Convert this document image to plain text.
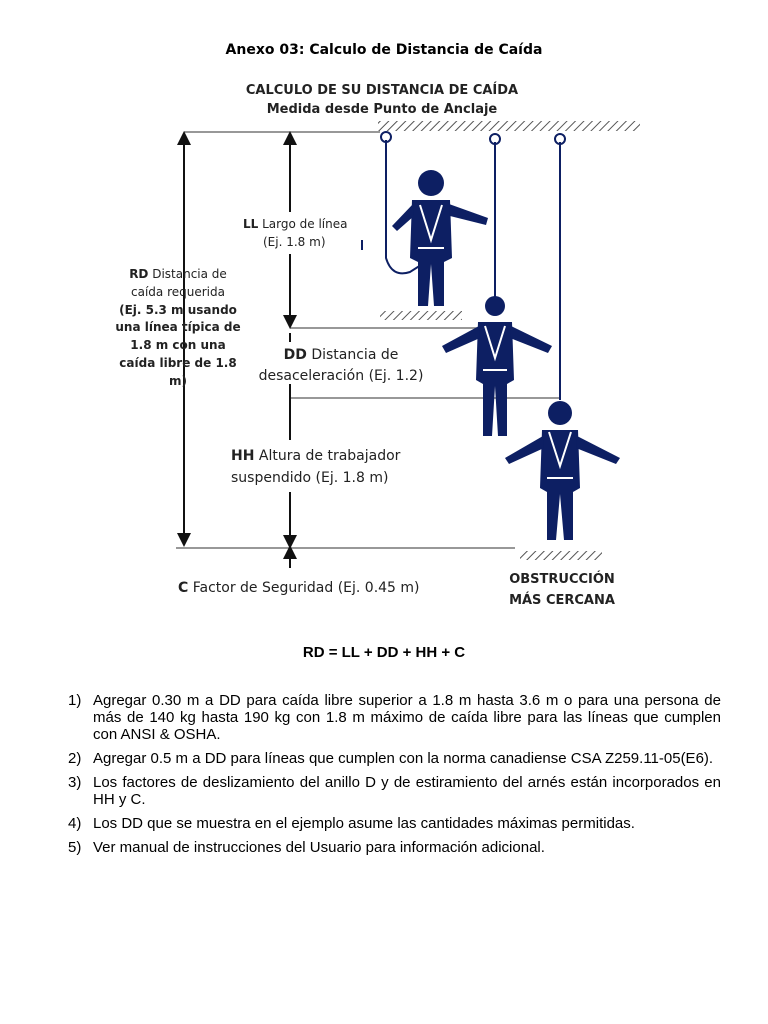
Anexo 03: Calculo de Distancia de Caída
CALCULO DE SU DISTANCIA DE CAÍDA
Medida desde Punto de Anclaje
LL Largo de línea
(Ej. 1.8 m)
RD Distancia de
caída requerida
(Ej. 5.3 m usando
una línea típica de
1.8 m con una
caída libre de 1.8
m)
DD Distancia de
desaceleración (Ej. 1.2)
HH Altura de trabajador
suspendido (Ej. 1.8 m)
C Factor de Seguridad (Ej. 0.45 m)
OBSTRUCCIÓN
MÁS CERCANA
RD = LL + DD + HH + C
1) Agregar 0.30 m a DD para caída libre superior a 1.8 m hasta 3.6 m o para una persona de más de 140 kg hasta 190 kg con 1.8 m máximo de caída libre para las líneas que cumplen con ANSI & OSHA.
2) Agregar 0.5 m a DD para líneas que cumplen con la norma canadiense CSA Z259.11-05(E6).
3) Los factores de deslizamiento del anillo D y de estiramiento del arnés están incorporados en HH y C.
4) Los DD que se muestra en el ejemplo asume las cantidades máximas permitidas.
5) Ver manual de instrucciones del Usuario para información adicional.
